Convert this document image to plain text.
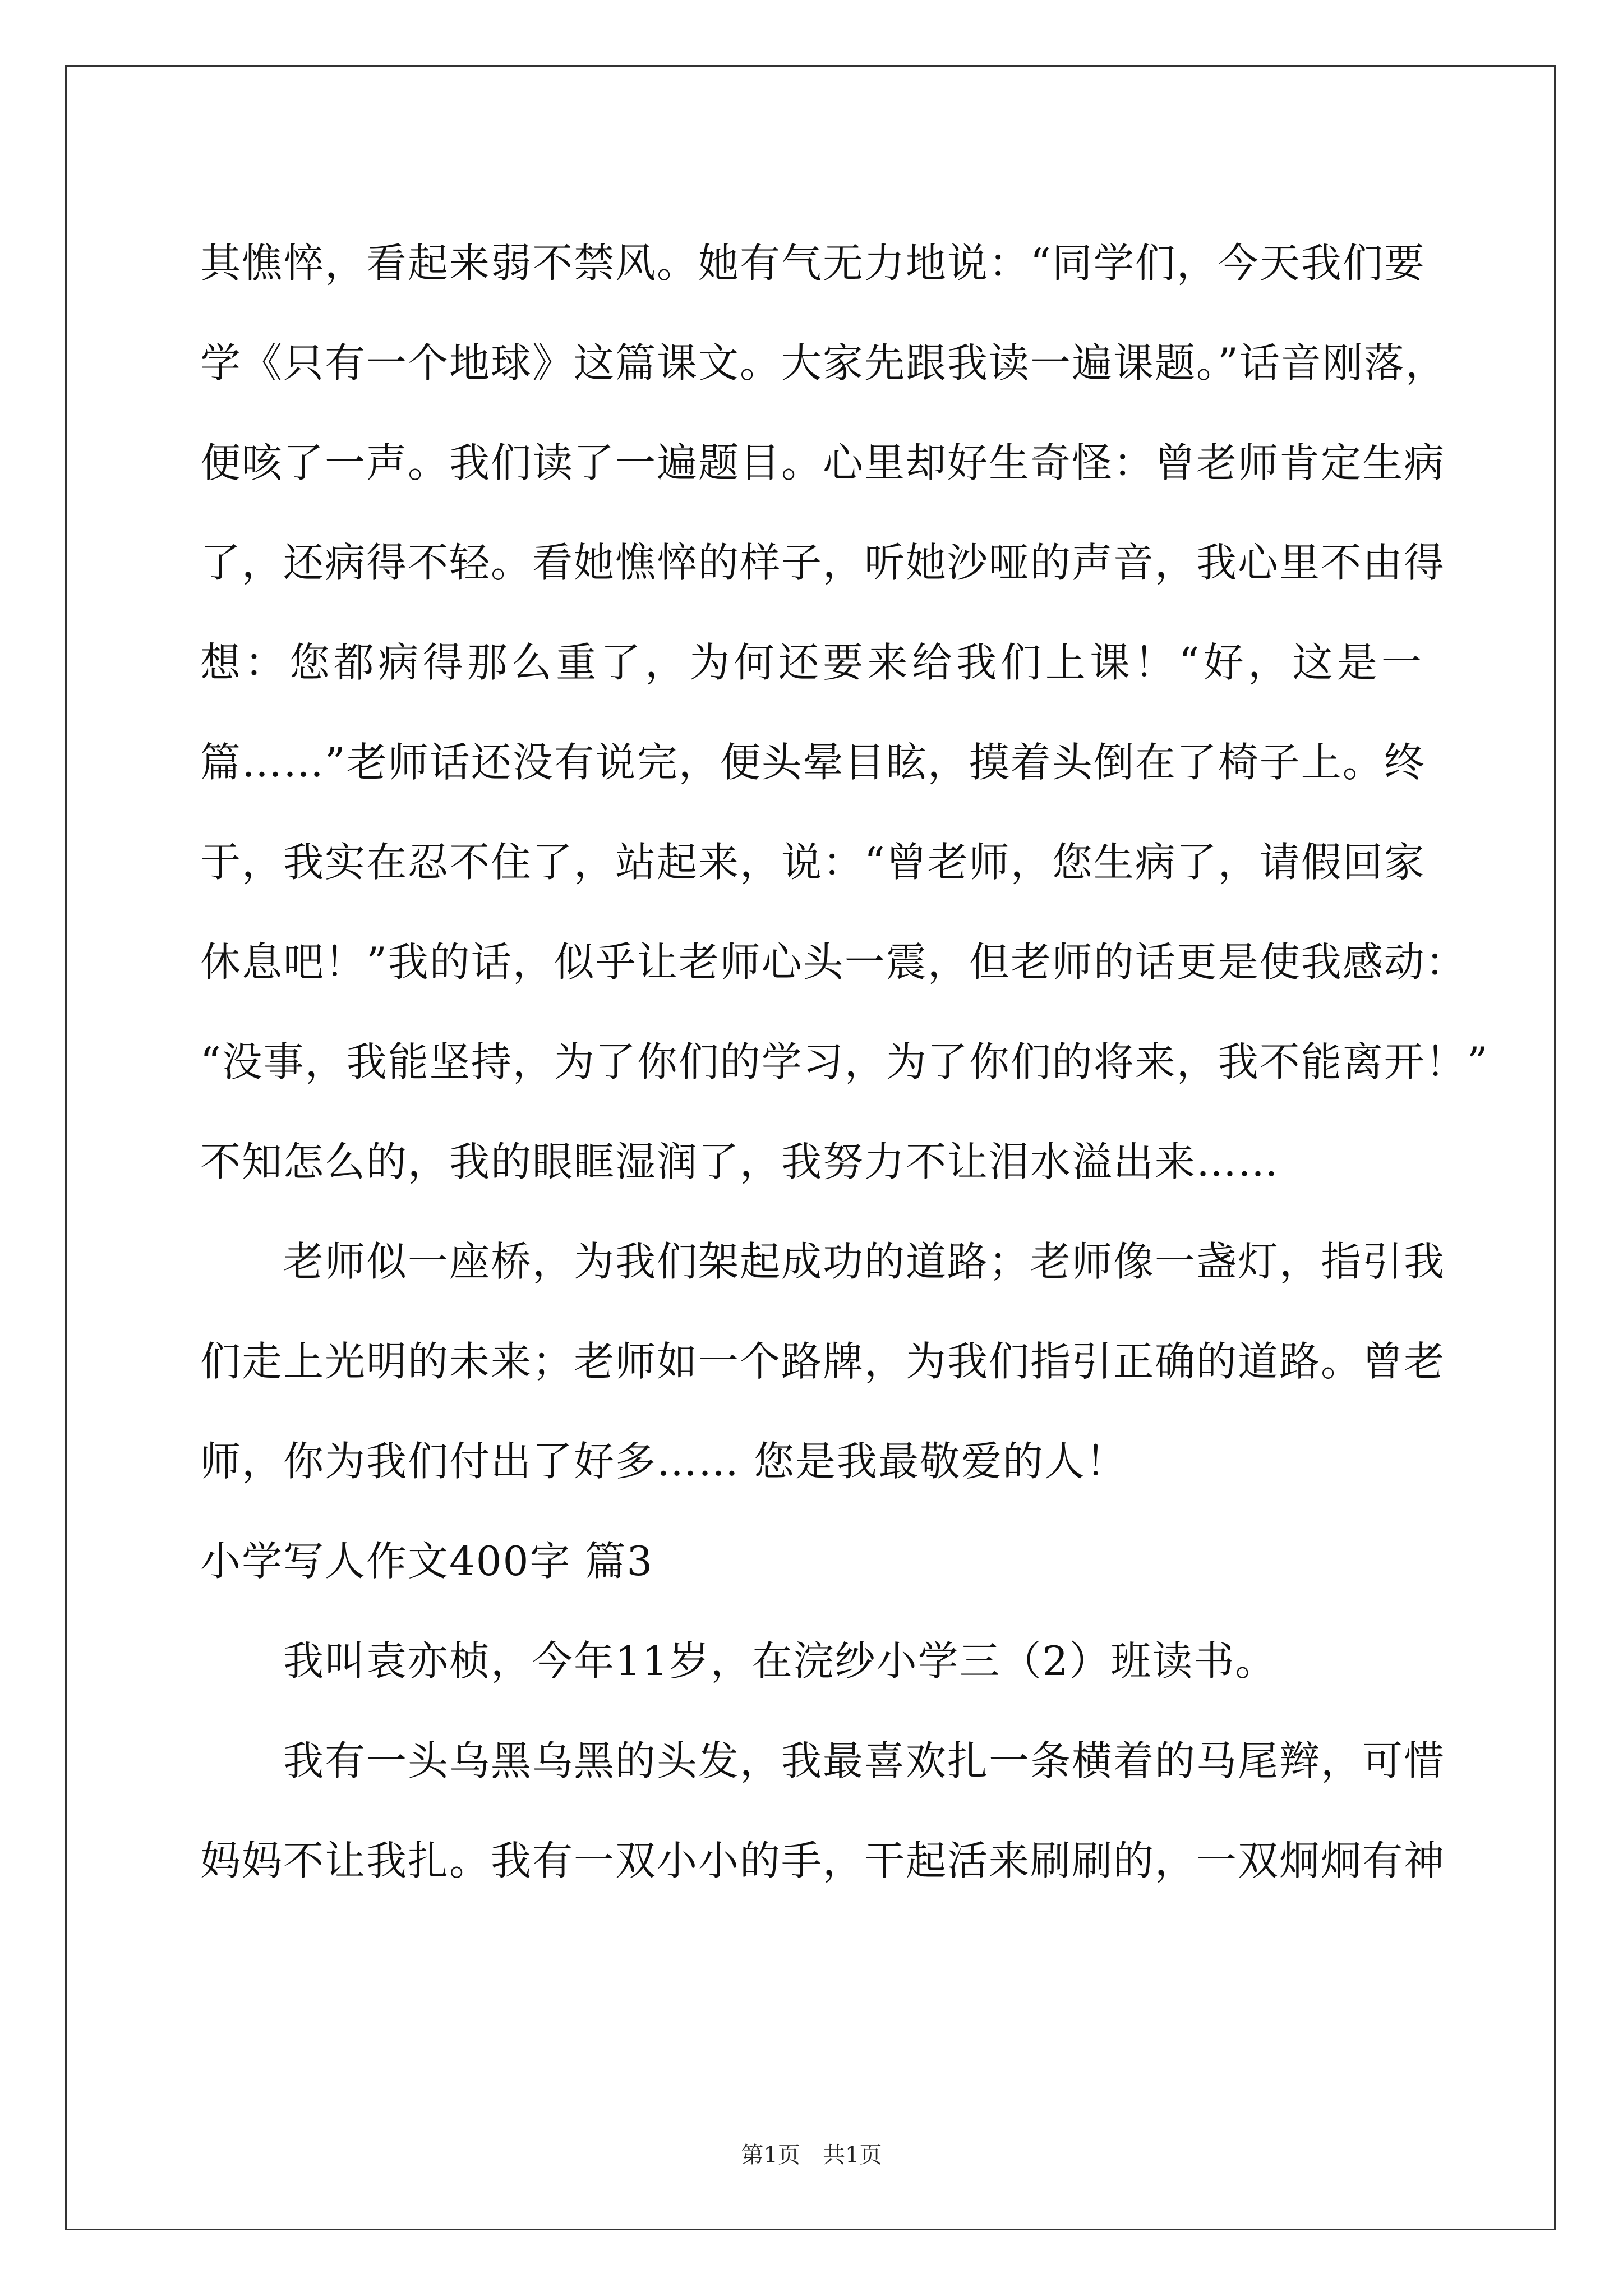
其憔悴，看起来弱不禁风。她有气无力地说：“同学们，今天我们要
学《只有一个地球》这篇课文。大家先跟我读一遍课题。”话音刚落，
便咳了一声。我们读了一遍题目。心里却好生奇怪：曾老师肯定生病
了，还病得不轻。看她憔悴的样子，听她沙哑的声音，我心里不由得
想：您都病得那么重了，为何还要来给我们上课！“好，这是一
篇……”老师话还没有说完，便头晕目眩，摸着头倒在了椅子上。终
于，我实在忍不住了，站起来，说：“曾老师，您生病了，请假回家
休息吧！”我的话，似乎让老师心头一震，但老师的话更是使我感动：
“没事，我能坚持，为了你们的学习，为了你们的将来，我不能离开！”
不知怎么的，我的眼眶湿润了，我努力不让泪水溢出来……
老师似一座桥，为我们架起成功的道路；老师像一盏灯，指引我
们走上光明的未来；老师如一个路牌，为我们指引正确的道路。曾老
师，你为我们付出了好多…… 您是我最敬爱的人！
小学写人作文400字 篇3
我叫袁亦桢，今年11岁，在浣纱小学三（2）班读书。
我有一头乌黑乌黑的头发，我最喜欢扎一条横着的马尾辫，可惜
妈妈不让我扎。我有一双小小的手，干起活来刷刷的，一双炯炯有神
第1页　共1页
